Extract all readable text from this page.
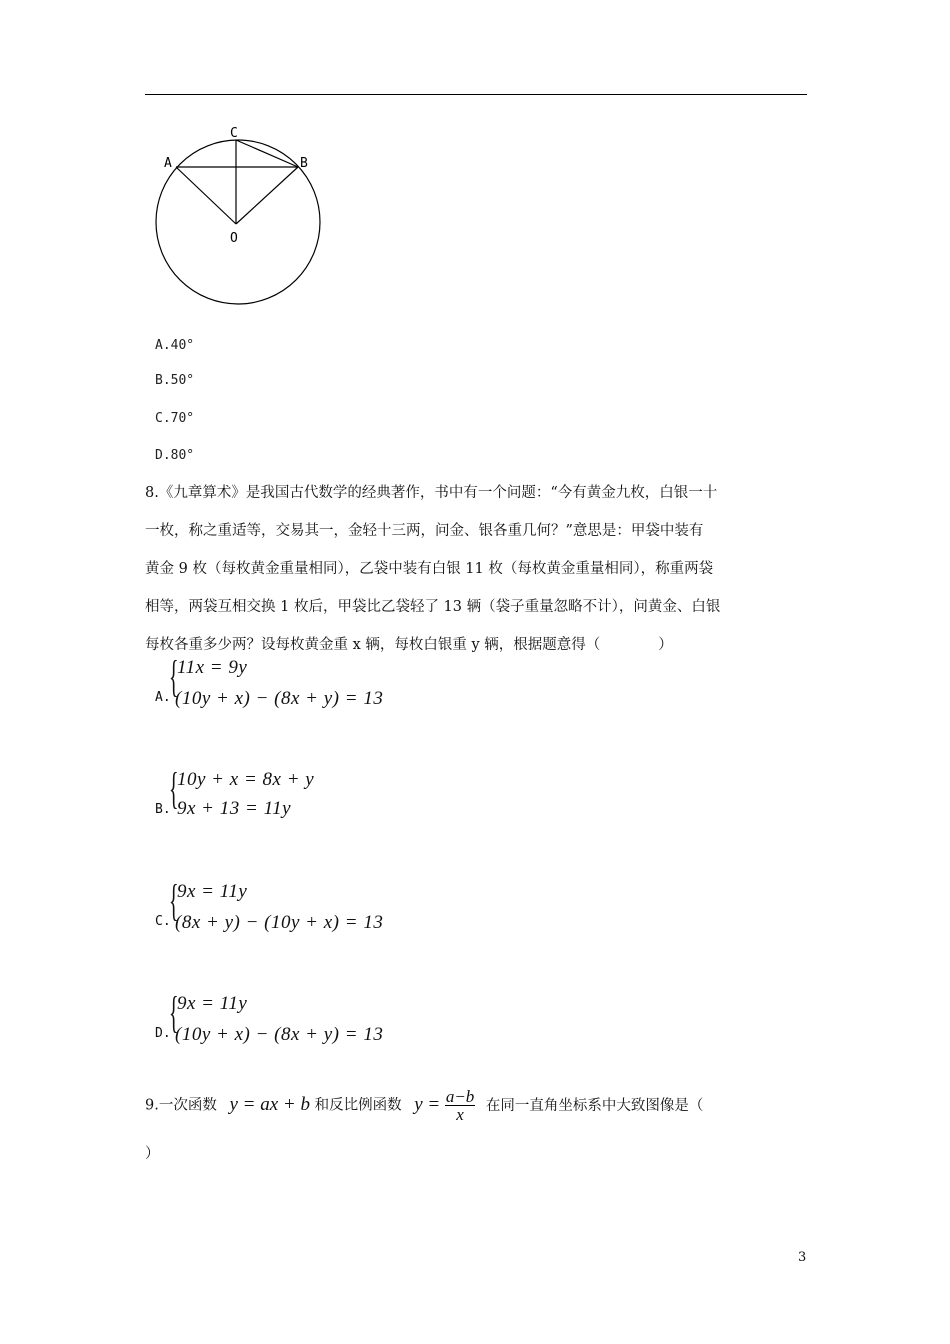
C
A	B
O
A.40°
B.50°
C.70°
D.80°
8.《九章算术》是我国古代数学的经典著作，书中有一个问题：“今有黄金九枚，白银一十
一枚，称之重适等，交易其一，金轻十三两，问金、银各重几何？”意思是：甲袋中装有
黄金 9 枚（每枚黄金重量相同），乙袋中装有白银 11 枚（每枚黄金重量相同），称重两袋
相等，两袋互相交换 1 枚后，甲袋比乙袋轻了 13 辆（袋子重量忽略不计），问黄金、白银
每枚各重多少两？设每枚黄金重 x 辆，每枚白银重 y 辆，根据题意得（　　　　）
A.
{
11x = 9y
(10y + x) − (8x + y) = 13
B.
{
10y + x = 8x + y
9x + 13 = 11y
C.
{
9x = 11y
(8x + y) − (10y + x) = 13
D.
{
9x = 11y
(10y + x) − (8x + y) = 13
9.一次函数 y = ax + b 和反比例函数 $y = \frac{a-b}{x}$ 在同一直角坐标系中大致图像是（
）
3
